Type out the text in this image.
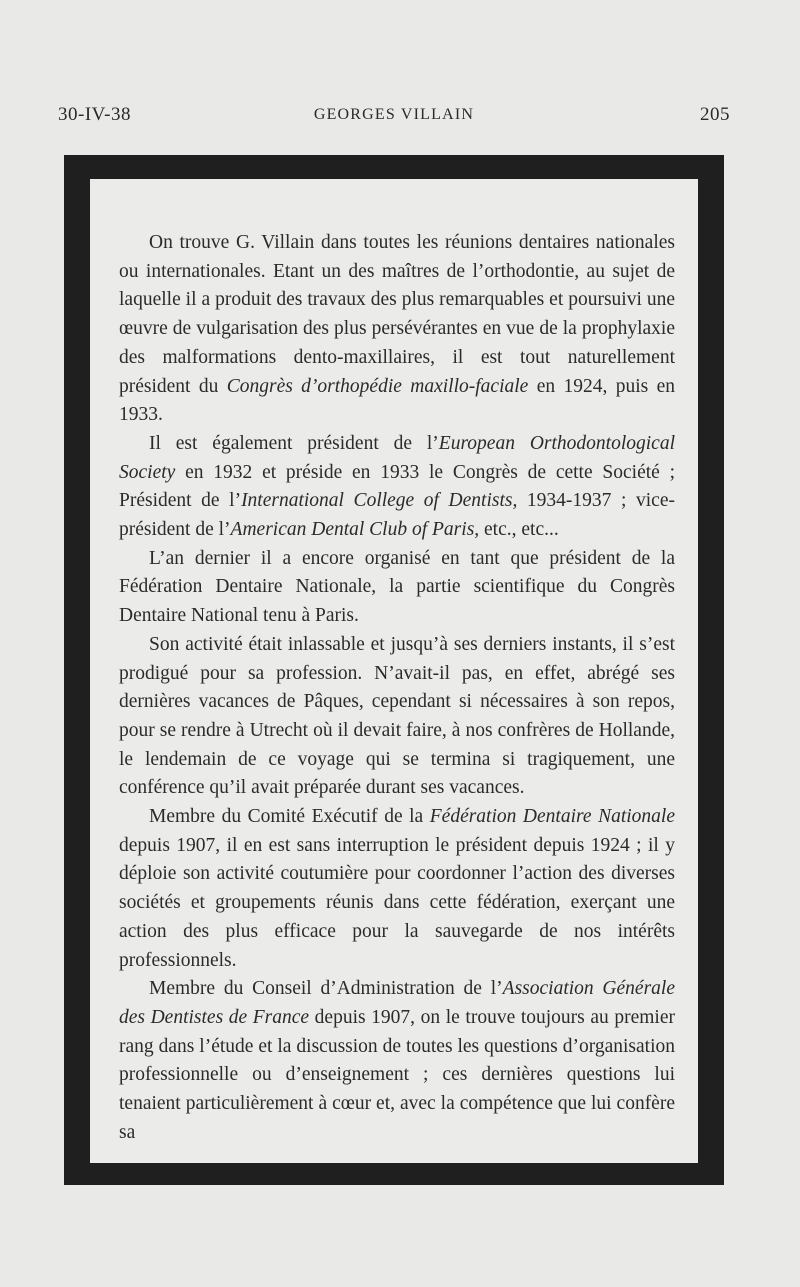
30-IV-38	GEORGES VILLAIN	205

On trouve G. Villain dans toutes les réunions dentaires nationales ou internationales. Etant un des maîtres de l’orthodontie, au sujet de laquelle il a produit des travaux des plus remarquables et poursuivi une œuvre de vulgarisation des plus persévérantes en vue de la prophylaxie des malformations dento-maxillaires, il est tout naturellement président du Congrès d’orthopédie maxillo-faciale en 1924, puis en 1933.

Il est également président de l’European Orthodontological Society en 1932 et préside en 1933 le Congrès de cette Société ; Président de l’International College of Dentists, 1934-1937 ; vice-président de l’American Dental Club of Paris, etc., etc...

L’an dernier il a encore organisé en tant que président de la Fédération Dentaire Nationale, la partie scientifique du Congrès Dentaire National tenu à Paris.

Son activité était inlassable et jusqu’à ses derniers instants, il s’est prodigué pour sa profession. N’avait-il pas, en effet, abrégé ses dernières vacances de Pâques, cependant si nécessaires à son repos, pour se rendre à Utrecht où il devait faire, à nos confrères de Hollande, le lendemain de ce voyage qui se termina si tragiquement, une conférence qu’il avait préparée durant ses vacances.

Membre du Comité Exécutif de la Fédération Dentaire Nationale depuis 1907, il en est sans interruption le président depuis 1924 ; il y déploie son activité coutumière pour coordonner l’action des diverses sociétés et groupements réunis dans cette fédération, exerçant une action des plus efficace pour la sauvegarde de nos intérêts professionnels.

Membre du Conseil d’Administration de l’Association Générale des Dentistes de France depuis 1907, on le trouve toujours au premier rang dans l’étude et la discussion de toutes les questions d’organisation professionnelle ou d’enseignement ; ces dernières questions lui tenaient particulièrement à cœur et, avec la compétence que lui confère sa
